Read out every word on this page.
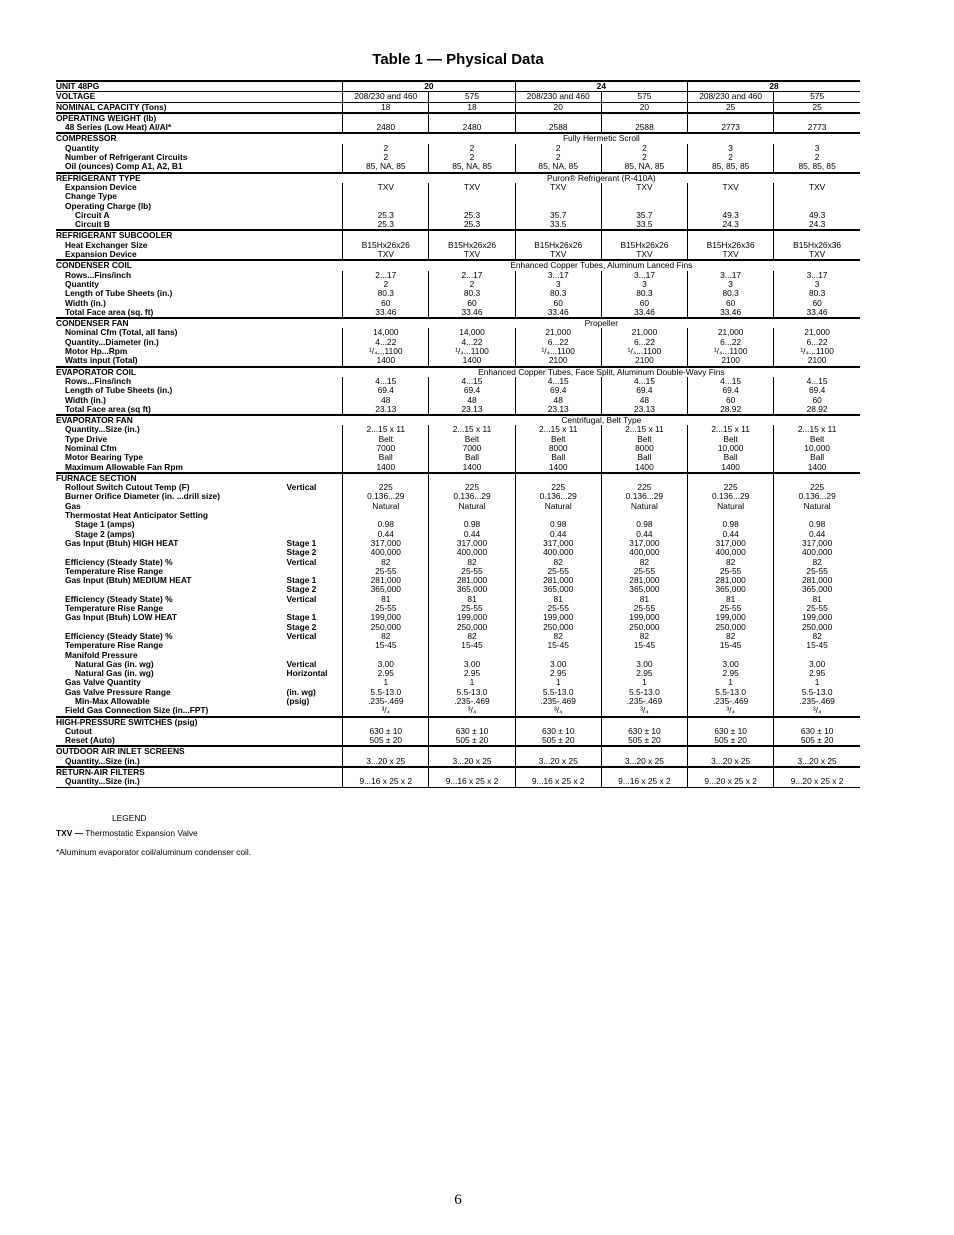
Table 1 — Physical Data
UNIT 48PG		20		24		28	
VOLTAGE		208/230 and 460	575	208/230 and 460	575	208/230 and 460	575
NOMINAL CAPACITY (Tons)		18	18	20	20	25	25
OPERATING WEIGHT (lb)							
48 Series (Low Heat) Al/Al*		2480	2480	2588	2588	2773	2773
COMPRESSOR		Fully Hermetic Scroll					
Quantity		2	2	2	2	3	3
Number of Refrigerant Circuits		2	2	2	2	2	2
Oil (ounces) Comp A1, A2, B1		85, NA, 85	85, NA, 85	85, NA, 85	85, NA, 85	85, 85, 85	85, 85, 85
REFRIGERANT TYPE		Puron® Refrigerant (R-410A)					
Expansion Device		TXV	TXV	TXV	TXV	TXV	TXV
Change Type							
Operating Charge (lb)							
Circuit A		25.3	25.3	35.7	35.7	49.3	49.3
Circuit B		25.3	25.3	33.5	33.5	24.3	24.3
REFRIGERANT SUBCOOLER							
Heat Exchanger Size		B15Hx26x26	B15Hx26x26	B15Hx26x26	B15Hx26x26	B15Hx26x36	B15Hx26x36
Expansion Device		TXV	TXV	TXV	TXV	TXV	TXV
CONDENSER COIL		Enhanced Copper Tubes, Aluminum Lanced Fins					
Rows...Fins/inch		2...17	2...17	3...17	3...17	3...17	3...17
Quantity		2	2	3	3	3	3
Length of Tube Sheets (in.)		80.3	80.3	80.3	80.3	80.3	80.3
Width (in.)		60	60	60	60	60	60
Total Face area (sq. ft)		33.46	33.46	33.46	33.46	33.46	33.46
CONDENSER FAN		Propeller					
Nominal Cfm (Total, all fans)		14,000	14,000	21,000	21,000	21,000	21,000
Quantity...Diameter (in.)		4...22	4...22	6...22	6...22	6...22	6...22
Motor Hp...Rpm		¹/₄...1100	¹/₄...1100	¹/₄...1100	¹/₄...1100	¹/₄...1100	¹/₄...1100
Watts input (Total)		1400	1400	2100	2100	2100	2100
EVAPORATOR COIL		Enhanced Copper Tubes, Face Split, Aluminum Double-Wavy Fins					
Rows...Fins/inch		4...15	4...15	4...15	4...15	4...15	4...15
Length of Tube Sheets (in.)		69.4	69.4	69.4	69.4	69.4	69.4
Width (in.)		48	48	48	48	60	60
Total Face area (sq ft)		23.13	23.13	23.13	23.13	28.92	28.92
EVAPORATOR FAN		Centrifugal, Belt Type					
Quantity...Size (in.)		2...15 x 11	2...15 x 11	2...15 x 11	2...15 x 11	2...15 x 11	2...15 x 11
Type Drive		Belt	Belt	Belt	Belt	Belt	Belt
Nominal Cfm		7000	7000	8000	8000	10,000	10,000
Motor Bearing Type		Ball	Ball	Ball	Ball	Ball	Ball
Maximum Allowable Fan Rpm		1400	1400	1400	1400	1400	1400
FURNACE SECTION							
Rollout Switch Cutout Temp (F)	Vertical	225	225	225	225	225	225
Burner Orifice Diameter (in. ...drill size)		0.136...29	0.136...29	0.136...29	0.136...29	0.136...29	0.136...29
Gas		Natural	Natural	Natural	Natural	Natural	Natural
Thermostat Heat Anticipator Setting							
Stage 1 (amps)		0.98	0.98	0.98	0.98	0.98	0.98
Stage 2 (amps)		0.44	0.44	0.44	0.44	0.44	0.44
Gas Input (Btuh) HIGH HEAT	Stage 1	317,000	317,000	317,000	317,000	317,000	317,000
	Stage 2	400,000	400,000	400,000	400,000	400,000	400,000
Efficiency (Steady State) %	Vertical	82	82	82	82	82	82
Temperature Rise Range		25-55	25-55	25-55	25-55	25-55	25-55
Gas Input (Btuh) MEDIUM HEAT	Stage 1	281,000	281,000	281,000	281,000	281,000	281,000
	Stage 2	365,000	365,000	365,000	365,000	365,000	365,000
Efficiency (Steady State) %	Vertical	81	81	81	81	81	81
Temperature Rise Range		25-55	25-55	25-55	25-55	25-55	25-55
Gas Input (Btuh) LOW HEAT	Stage 1	199,000	199,000	199,000	199,000	199,000	199,000
	Stage 2	250,000	250,000	250,000	250,000	250,000	250,000
Efficiency (Steady State) %	Vertical	82	82	82	82	82	82
Temperature Rise Range		15-45	15-45	15-45	15-45	15-45	15-45
Manifold Pressure							
Natural Gas (in. wg)	Vertical	3.00	3.00	3.00	3.00	3.00	3.00
Natural Gas (in. wg)	Horizontal	2.95	2.95	2.95	2.95	2.95	2.95
Gas Valve Quantity		1	1	1	1	1	1
Gas Valve Pressure Range	(in. wg)	5.5-13.0	5.5-13.0	5.5-13.0	5.5-13.0	5.5-13.0	5.5-13.0
Min-Max Allowable	(psig)	.235-.469	.235-.469	.235-.469	.235-.469	.235-.469	.235-.469
Field Gas Connection Size (in...FPT)		³/₄	³/₄	³/₄	³/₄	³/₄	³/₄
HIGH-PRESSURE SWITCHES (psig)							
Cutout		630 ± 10	630 ± 10	630 ± 10	630 ± 10	630 ± 10	630 ± 10
Reset (Auto)		505 ± 20	505 ± 20	505 ± 20	505 ± 20	505 ± 20	505 ± 20
OUTDOOR AIR INLET SCREENS							
Quantity...Size (in.)		3...20 x 25	3...20 x 25	3...20 x 25	3...20 x 25	3...20 x 25	3...20 x 25
RETURN-AIR FILTERS							
Quantity...Size (in.)		9...16 x 25 x 2	9...16 x 25 x 2	9...16 x 25 x 2	9...16 x 25 x 2	9...20 x 25 x 2	9...20 x 25 x 2
LEGEND
TXV — Thermostatic Expansion Valve
*Aluminum evaporator coil/aluminum condenser coil.
6
